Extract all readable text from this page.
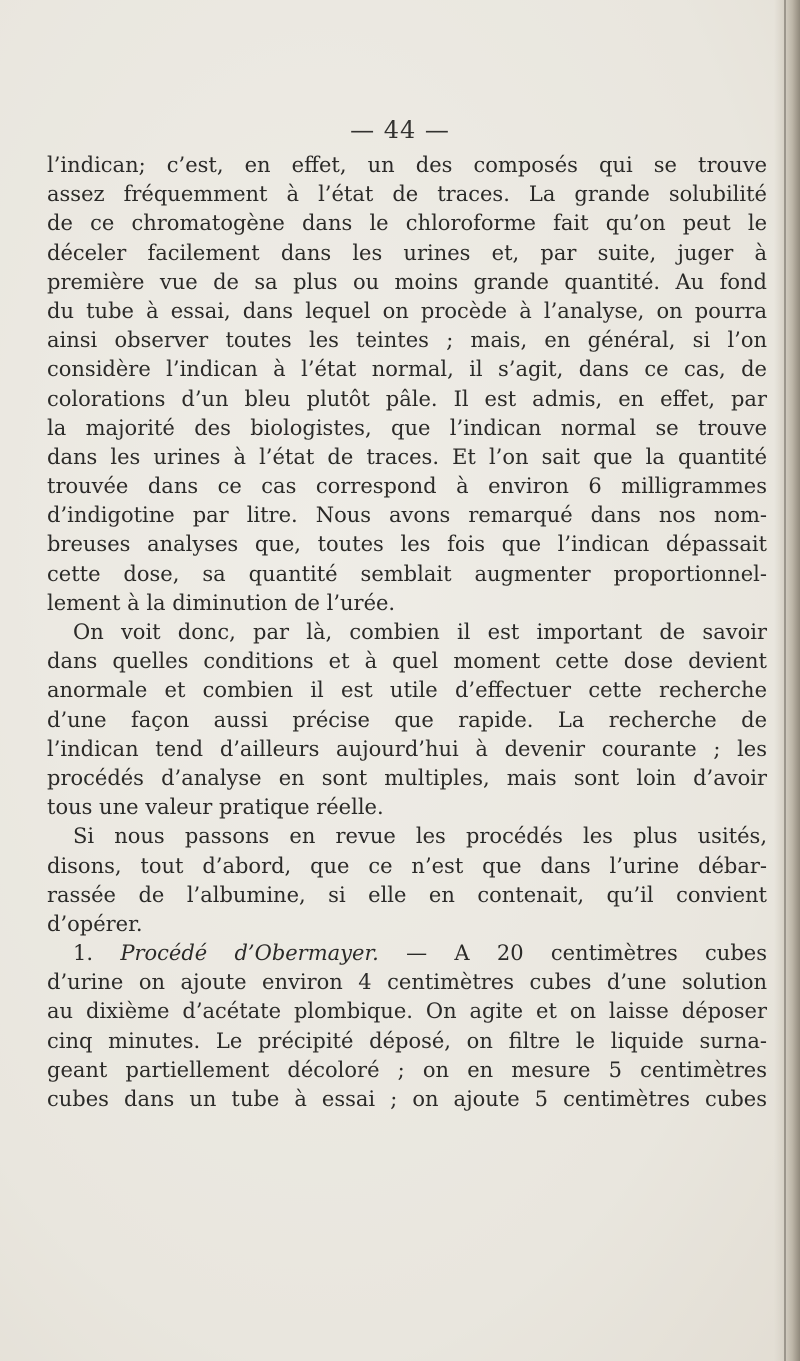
— 44 —
l’indican; c’est, en effet, un des composés qui se trouve
assez fréquemment à l’état de traces. La grande solubilité
de ce chromatogène dans le chloroforme fait qu’on peut le
déceler facilement dans les urines et, par suite, juger à
première vue de sa plus ou moins grande quantité. Au fond
du tube à essai, dans lequel on procède à l’analyse, on pourra
ainsi observer toutes les teintes ; mais, en général, si l’on
considère l’indican à l’état normal, il s’agit, dans ce cas, de
colorations d’un bleu plutôt pâle. Il est admis, en effet, par
la majorité des biologistes, que l’indican normal se trouve
dans les urines à l’état de traces. Et l’on sait que la quantité
trouvée dans ce cas correspond à environ 6 milligrammes
d’indigotine par litre. Nous avons remarqué dans nos nom-
breuses analyses que, toutes les fois que l’indican dépassait
cette dose, sa quantité semblait augmenter proportionnel-
lement à la diminution de l’urée.
On voit donc, par là, combien il est important de savoir
dans quelles conditions et à quel moment cette dose devient
anormale et combien il est utile d’effectuer cette recherche
d’une façon aussi précise que rapide. La recherche de
l’indican tend d’ailleurs aujourd’hui à devenir courante ; les
procédés d’analyse en sont multiples, mais sont loin d’avoir
tous une valeur pratique réelle.
Si nous passons en revue les procédés les plus usités,
disons, tout d’abord, que ce n’est que dans l’urine débar-
rassée de l’albumine, si elle en contenait, qu’il convient
d’opérer.
1. Procédé d’Obermayer. — A 20 centimètres cubes
d’urine on ajoute environ 4 centimètres cubes d’une solution
au dixième d’acétate plombique. On agite et on laisse déposer
cinq minutes. Le précipité déposé, on filtre le liquide surna-
geant partiellement décoloré ; on en mesure 5 centimètres
cubes dans un tube à essai ; on ajoute 5 centimètres cubes
